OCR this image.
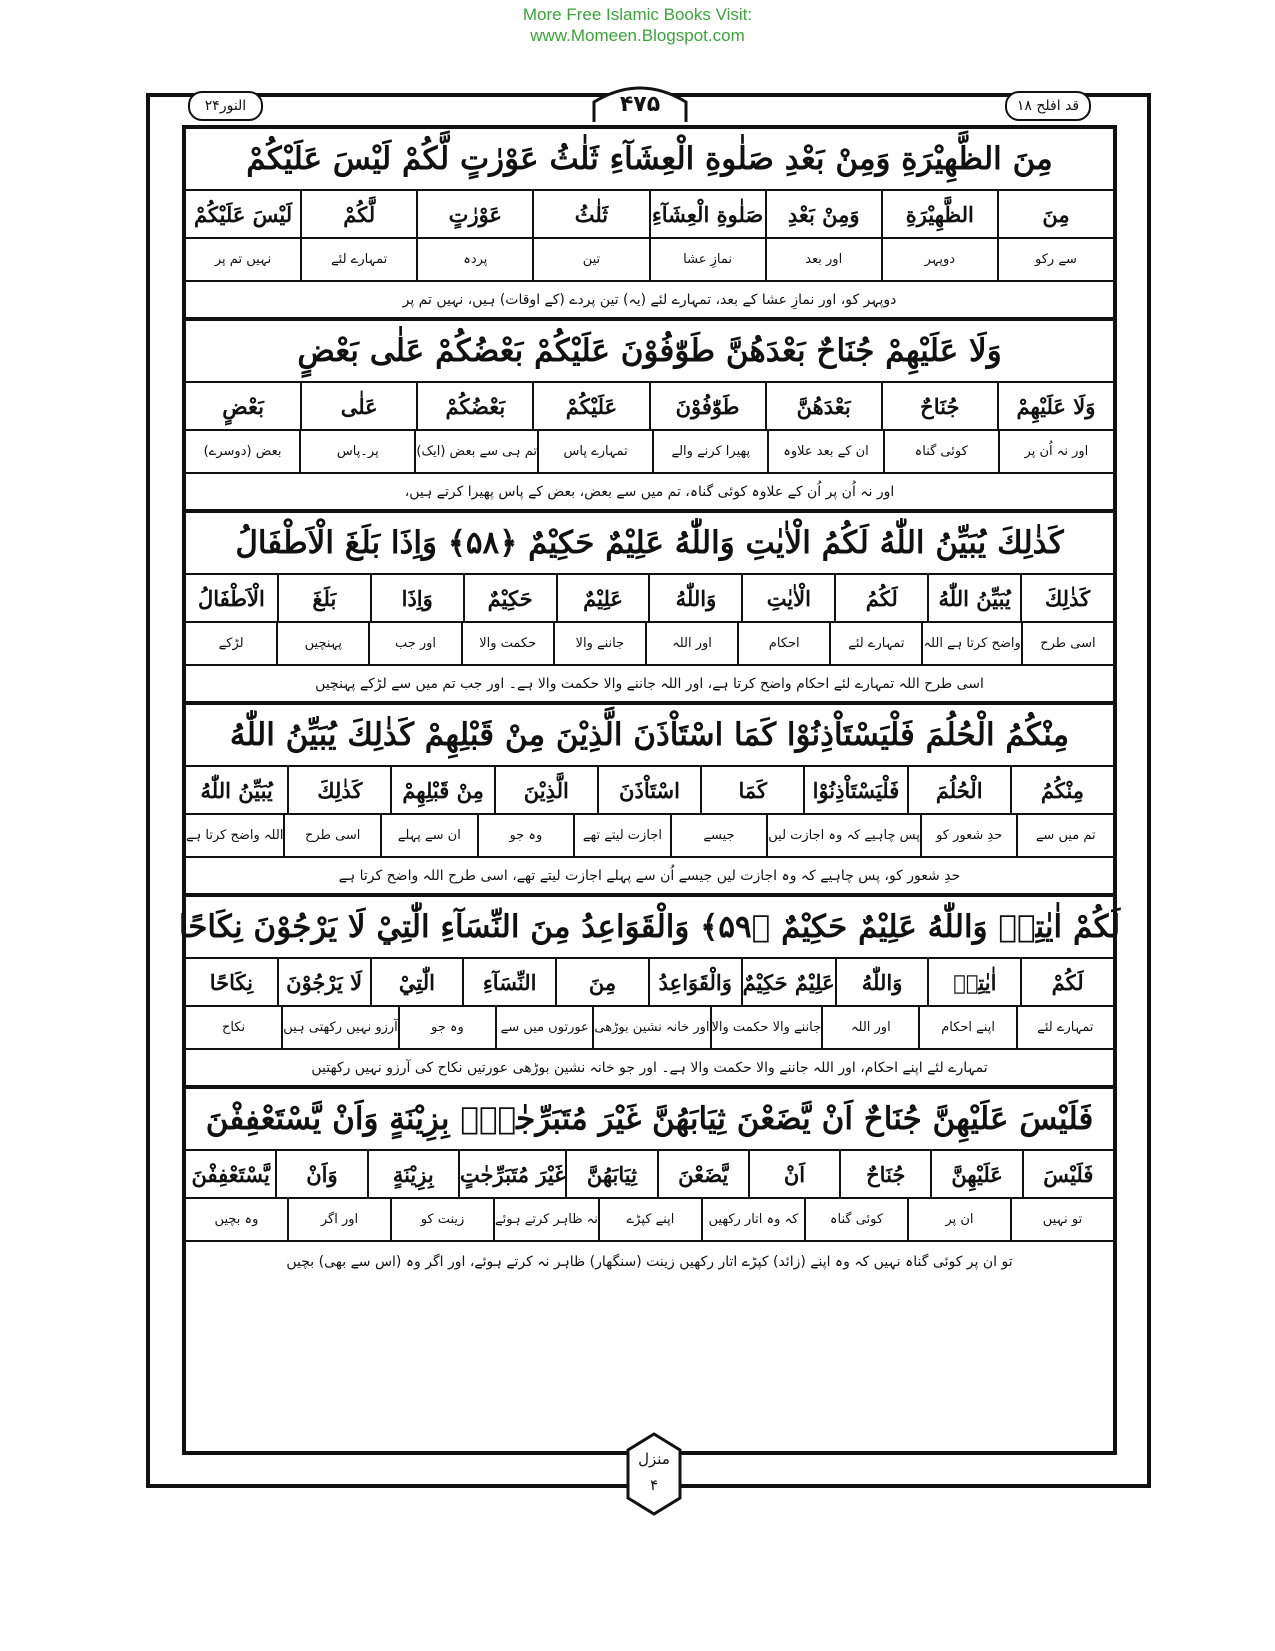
More Free Islamic Books Visit:
www.Momeen.Blogspot.com
النور۲۴	قد افلح ۱۸
۴۷۵
مِنَ الظَّهِيْرَةِ وَمِنْ بَعْدِ صَلٰوةِ الْعِشَآءِ ثَلٰثُ عَوْرٰتٍ لَّكُمْ لَيْسَ عَلَيْكُمْ
مِنَ
الظَّهِيْرَةِ
وَمِنْ بَعْدِ
صَلٰوةِ الْعِشَآءِ
ثَلٰثُ
عَوْرٰتٍ
لَّكُمْ
لَيْسَ عَلَيْكُمْ
سے رکو
دوپہر
اور بعد
نمازِ عشا
تین
پردہ
تمہارے لئے
نہیں تم پر
دوپہر کو، اور نمازِ عشا کے بعد، تمہارے لئے (یہ) تین پردے (کے اوقات) ہیں، نہیں تم پر
وَلَا عَلَيْهِمْ جُنَاحٌ بَعْدَهُنَّ طَوّٰفُوْنَ عَلَيْكُمْ بَعْضُكُمْ عَلٰى بَعْضٍ
وَلَا عَلَيْهِمْ
جُنَاحٌ
بَعْدَهُنَّ
طَوّٰفُوْنَ
عَلَيْكُمْ
بَعْضُكُمْ
عَلٰى
بَعْضٍ
اور نہ اُن پر
کوئی گناہ
ان کے بعد علاوہ
پھیرا کرنے والے
تمہارے پاس
تم ہی سے بعض (ایک)
پر۔پاس
بعض (دوسرے)
اور نہ اُن پر اُن کے علاوہ کوئی گناہ، تم میں سے بعض، بعض کے پاس پھیرا کرتے ہیں،
كَذٰلِكَ يُبَيِّنُ اللّٰهُ لَكُمُ الْاٰيٰتِ وَاللّٰهُ عَلِيْمٌ حَكِيْمٌ ﴿۵۸﴾ وَاِذَا بَلَغَ الْاَطْفَالُ
كَذٰلِكَ
يُبَيِّنُ اللّٰهُ
لَكُمُ
الْاٰيٰتِ
وَاللّٰهُ
عَلِيْمٌ
حَكِيْمٌ
وَاِذَا
بَلَغَ
الْاَطْفَالُ
اسی طرح
واضح کرتا ہے اللہ
تمہارے لئے
احکام
اور اللہ
جاننے والا
حکمت والا
اور جب
پہنچیں
لڑکے
اسی طرح اللہ تمہارے لئے احکام واضح کرتا ہے، اور اللہ جاننے والا حکمت والا ہے۔ اور جب تم میں سے لڑکے پہنچیں
مِنْكُمُ الْحُلُمَ فَلْيَسْتَاْذِنُوْا كَمَا اسْتَاْذَنَ الَّذِيْنَ مِنْ قَبْلِهِمْ كَذٰلِكَ يُبَيِّنُ اللّٰهُ
مِنْكُمُ
الْحُلُمَ
فَلْيَسْتَاْذِنُوْا
كَمَا
اسْتَاْذَنَ
الَّذِيْنَ
مِنْ قَبْلِهِمْ
كَذٰلِكَ
يُبَيِّنُ اللّٰهُ
تم میں سے
حدِ شعور کو
پس چاہیے کہ وہ اجازت لیں
جیسے
اجازت لیتے تھے
وہ جو
ان سے پہلے
اسی طرح
اللہ واضح کرتا ہے
حدِ شعور کو، پس چاہیے کہ وہ اجازت لیں جیسے اُن سے پہلے اجازت لیتے تھے، اسی طرح اللہ واضح کرتا ہے
لَكُمْ اٰيٰتِهٖ وَاللّٰهُ عَلِيْمٌ حَكِيْمٌ ﴿۵۹﴾ وَالْقَوَاعِدُ مِنَ النِّسَآءِ الّٰتِيْ لَا يَرْجُوْنَ نِكَاحًا
لَكُمْ
اٰيٰتِهٖ
وَاللّٰهُ
عَلِيْمٌ حَكِيْمٌ
وَالْقَوَاعِدُ
مِنَ
النِّسَآءِ
الّٰتِيْ
لَا يَرْجُوْنَ
نِكَاحًا
تمہارے لئے
اپنے احکام
اور اللہ
جاننے والا حکمت والا
اور خانہ نشین بوڑھی
عورتوں میں سے
وہ جو
آرزو نہیں رکھتی ہیں
نکاح
تمہارے لئے اپنے احکام، اور اللہ جاننے والا حکمت والا ہے۔ اور جو خانہ نشین بوڑھی عورتیں نکاح کی آرزو نہیں رکھتیں
فَلَيْسَ عَلَيْهِنَّ جُنَاحٌ اَنْ يَّضَعْنَ ثِيَابَهُنَّ غَيْرَ مُتَبَرِّجٰتٍۢ بِزِيْنَةٍ وَاَنْ يَّسْتَعْفِفْنَ
فَلَيْسَ
عَلَيْهِنَّ
جُنَاحٌ
اَنْ
يَّضَعْنَ
ثِيَابَهُنَّ
غَيْرَ مُتَبَرِّجٰتٍ
بِزِيْنَةٍ
وَاَنْ
يَّسْتَعْفِفْنَ
تو نہیں
ان پر
کوئی گناہ
کہ وہ اتار رکھیں
اپنے کپڑے
نہ ظاہر کرتے ہوئے
زینت کو
اور اگر
وہ بچیں
تو ان پر کوئی گناہ نہیں کہ وہ اپنے (زائد) کپڑے اتار رکھیں زینت (سنگھار) ظاہر نہ کرتے ہوئے، اور اگر وہ (اس سے بھی) بچیں
منزل
۴
